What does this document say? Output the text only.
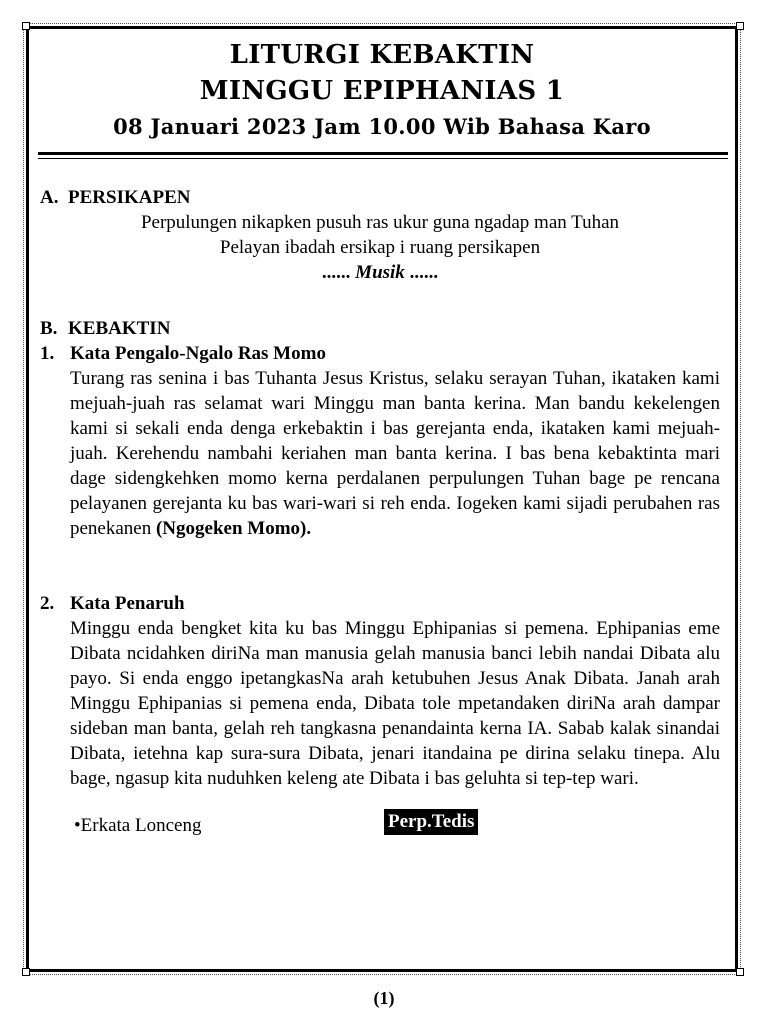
LITURGI KEBAKTIN
MINGGU EPIPHANIAS 1
08 Januari 2023 Jam 10.00 Wib Bahasa Karo
A. PERSIKAPEN
Perpulungen nikapken pusuh ras ukur guna ngadap man Tuhan
Pelayan ibadah ersikap i ruang persikapen
...... Musik ......
B. KEBAKTIN
1. Kata Pengalo-Ngalo Ras Momo
Turang ras senina i bas Tuhanta Jesus Kristus, selaku serayan Tuhan, ikataken kami mejuah-juah ras selamat wari Minggu man banta kerina. Man bandu kekelengen kami si sekali enda denga erkebaktin i bas gerejanta enda, ikataken kami mejuah-juah. Kerehendu nambahi keriahen man banta kerina. I bas bena kebaktinta mari dage sidengkehken momo kerna perdalanen perpulungen Tuhan bage pe rencana pelayanen gerejanta ku bas wari-wari si reh enda. Iogeken kami sijadi perubahen ras penekanen (Ngogeken Momo).
2. Kata Penaruh
Minggu enda bengket kita ku bas Minggu Ephipanias si pemena. Ephipanias eme Dibata ncidahken diriNa man manusia gelah manusia banci lebih nandai Dibata alu payo. Si enda enggo ipetangkasNa arah ketubuhen Jesus Anak Dibata. Janah arah Minggu Ephipanias si pemena enda, Dibata tole mpetandaken diriNa arah dampar sideban man banta, gelah reh tangkasna penandainta kerna IA. Sabab kalak sinandai Dibata, ietehna kap sura-sura Dibata, jenari itandaina pe dirina selaku tinepa. Alu bage, ngasup kita nuduhken keleng ate Dibata i bas geluhta si tep-tep wari.
•Erkata Lonceng	Perp.Tedis
(1)
